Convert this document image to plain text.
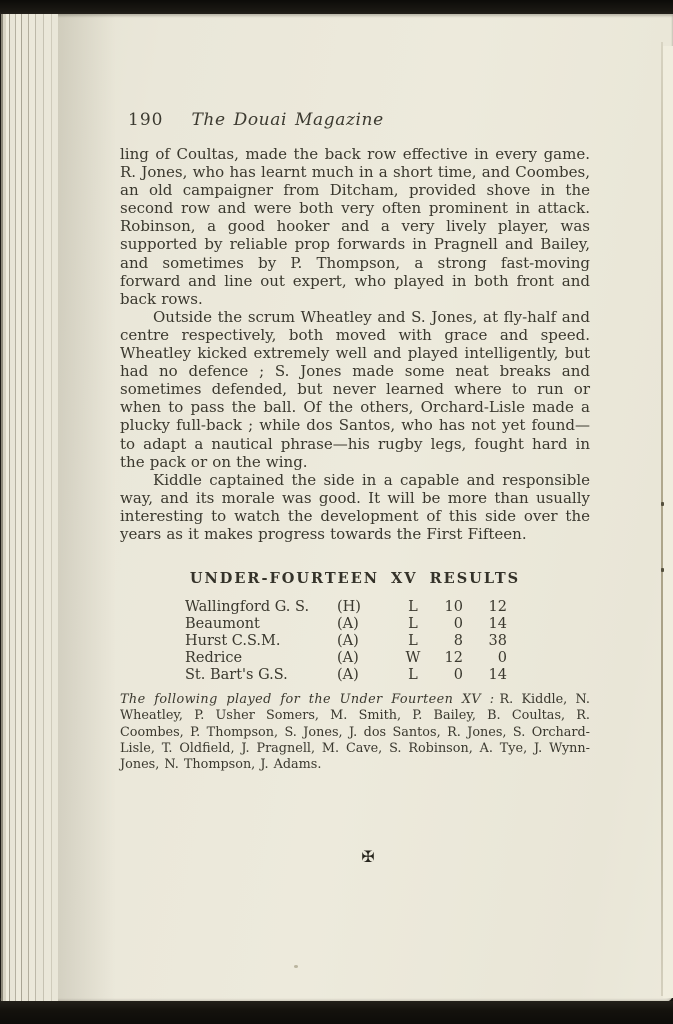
190 The Douai Magazine

ling of Coultas, made the back row effective in every game. R. Jones, who has learnt much in a short time, and Coombes, an old campaigner from Ditcham, provided shove in the second row and were both very often prominent in attack. Robinson, a good hooker and a very lively player, was supported by reliable prop forwards in Pragnell and Bailey, and sometimes by P. Thompson, a strong fast-moving forward and line out expert, who played in both front and back rows.

Outside the scrum Wheatley and S. Jones, at fly-half and centre respectively, both moved with grace and speed. Wheatley kicked extremely well and played intelligently, but had no defence ; S. Jones made some neat breaks and sometimes defended, but never learned where to run or when to pass the ball. Of the others, Orchard-Lisle made a plucky full-back ; while dos Santos, who has not yet found—to adapt a nautical phrase—his rugby legs, fought hard in the pack or on the wing.

Kiddle captained the side in a capable and responsible way, and its morale was good. It will be more than usually interesting to watch the development of this side over the years as it makes progress towards the First Fifteen.

UNDER-FOURTEEN XV RESULTS
Wallingford G. S.	(H)	L	10	12
Beaumont	(A)	L	0	14
Hurst C.S.M.	(A)	L	8	38
Redrice	(A)	W	12	0
St. Bart's G.S.	(A)	L	0	14

The following played for the Under Fourteen XV : R. Kiddle, N. Wheatley, P. Usher Somers, M. Smith, P. Bailey, B. Coultas, R. Coombes, P. Thompson, S. Jones, J. dos Santos, R. Jones, S. Orchard-Lisle, T. Oldfield, J. Pragnell, M. Cave, S. Robinson, A. Tye, J. Wynn-Jones, N. Thompson, J. Adams.

✠
